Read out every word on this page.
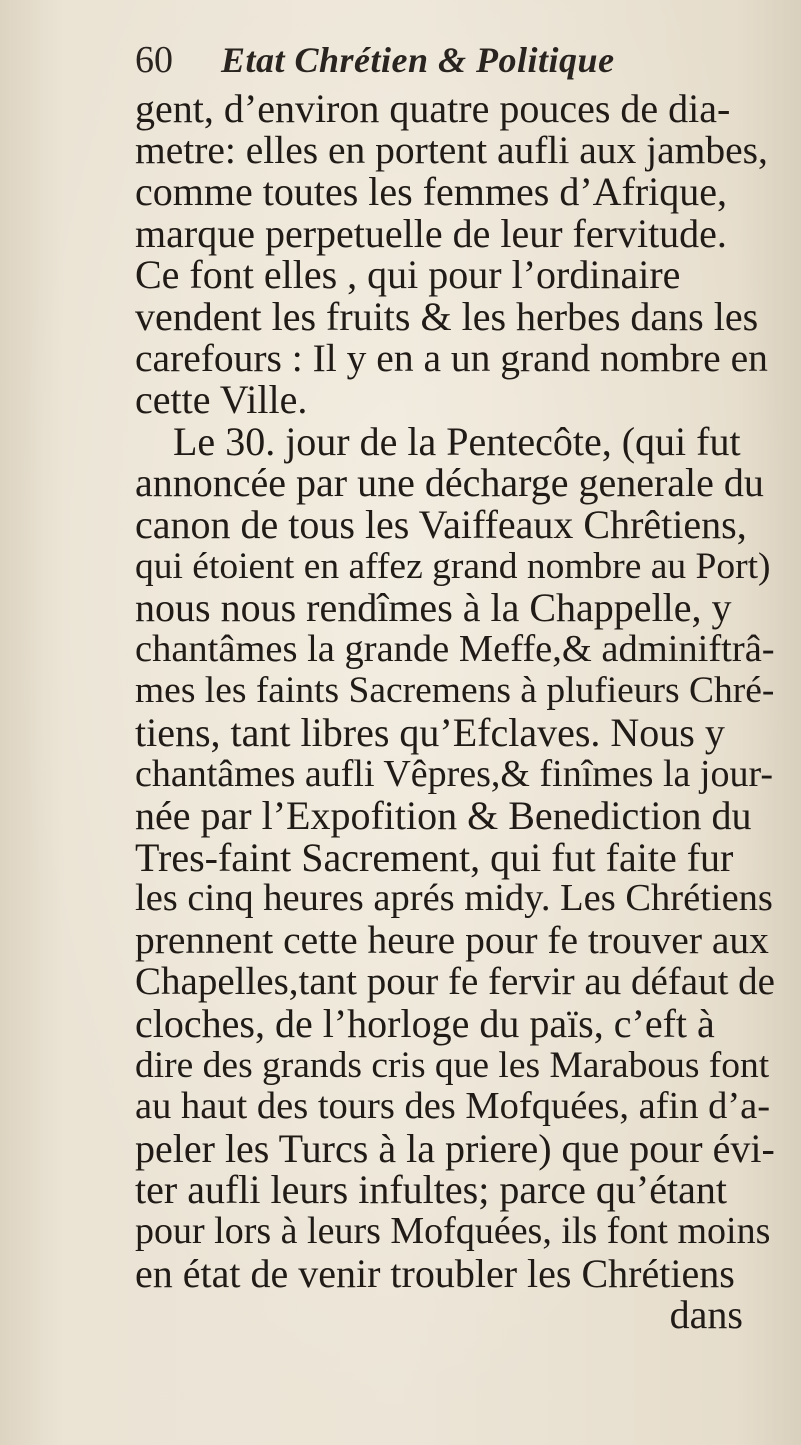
60 Etat Chrétien & Politique
gent, d’environ quatre pouces de dia-
metre: elles en portent aufli aux jambes,
comme toutes les femmes d’Afrique,
marque perpetuelle de leur fervitude.
Ce font elles , qui pour l’ordinaire
vendent les fruits & les herbes dans les
carefours : Il y en a un grand nombre en
cette Ville.
Le 30. jour de la Pentecôte, (qui fut
annoncée par une décharge generale du
canon de tous les Vaiffeaux Chrêtiens,
qui étoient en affez grand nombre au Port)
nous nous rendîmes à la Chappelle, y
chantâmes la grande Meffe,& adminiftrâ-
mes les faints Sacremens à plufieurs Chré-
tiens, tant libres qu’Efclaves. Nous y
chantâmes aufli Vêpres,& finîmes la jour-
née par l’Expofition & Benediction du
Tres-faint Sacrement, qui fut faite fur
les cinq heures aprés midy. Les Chrétiens
prennent cette heure pour fe trouver aux
Chapelles,tant pour fe fervir au défaut de
cloches, de l’horloge du païs, c’eft à
dire des grands cris que les Marabous font
au haut des tours des Mofquées, afin d’a-
peler les Turcs à la priere) que pour évi-
ter aufli leurs infultes; parce qu’étant
pour lors à leurs Mofquées, ils font moins
en état de venir troubler les Chrétiens
dans
